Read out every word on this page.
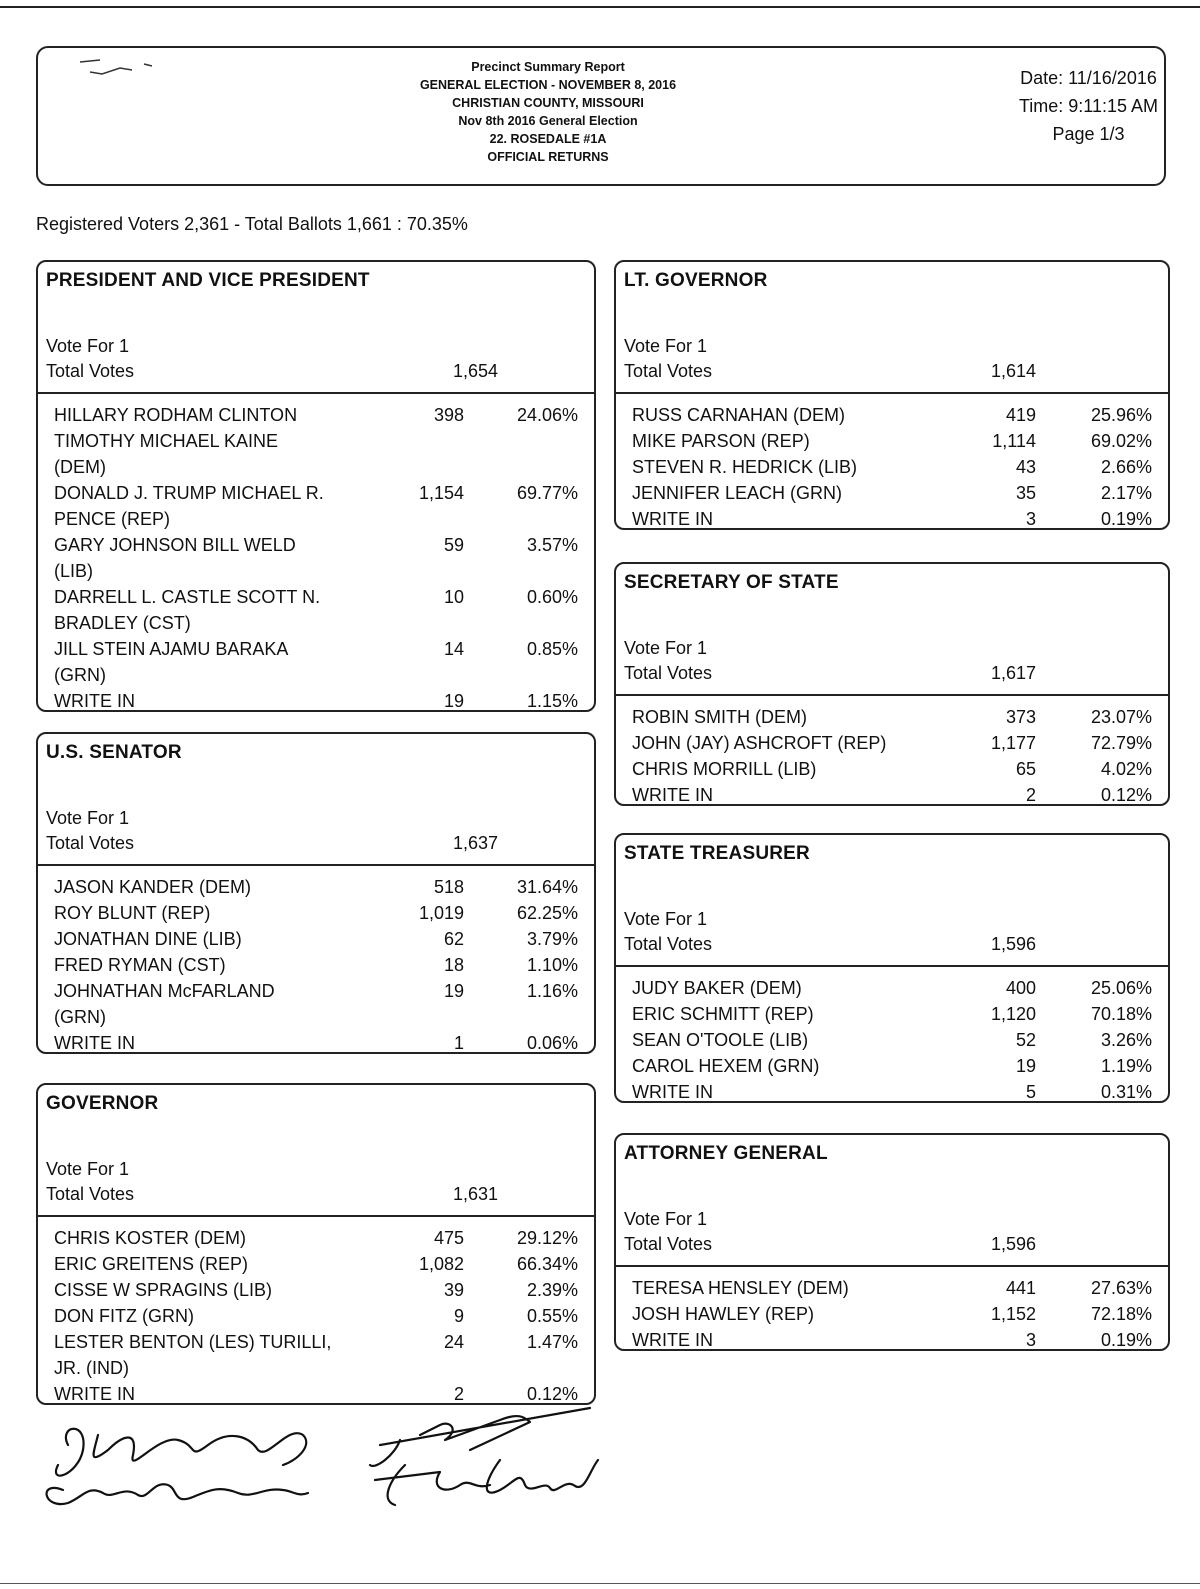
Precinct Summary Report
GENERAL ELECTION - NOVEMBER 8, 2016
CHRISTIAN COUNTY, MISSOURI
Nov 8th 2016 General Election
22. ROSEDALE #1A
OFFICIAL RETURNS
Date: 11/16/2016
Time: 9:11:15 AM
Page 1/3
Registered Voters 2,361 - Total Ballots 1,661 : 70.35%
PRESIDENT AND VICE PRESIDENT
Vote For 1
Total Votes	1,654
HILLARY RODHAM CLINTON
TIMOTHY MICHAEL KAINE
(DEM)
398	24.06%
DONALD J. TRUMP MICHAEL R.
PENCE (REP)
1,154	69.77%
GARY JOHNSON BILL WELD
(LIB)
59	3.57%
DARRELL L. CASTLE SCOTT N.
BRADLEY (CST)
10	0.60%
JILL STEIN AJAMU BARAKA
(GRN)
14	0.85%
WRITE IN	19	1.15%
U.S. SENATOR
Vote For 1
Total Votes	1,637
JASON KANDER (DEM)	518	31.64%
ROY BLUNT (REP)	1,019	62.25%
JONATHAN DINE (LIB)	62	3.79%
FRED RYMAN (CST)	18	1.10%
JOHNATHAN McFARLAND
(GRN)
19	1.16%
WRITE IN	1	0.06%
GOVERNOR
Vote For 1
Total Votes	1,631
CHRIS KOSTER (DEM)	475	29.12%
ERIC GREITENS (REP)	1,082	66.34%
CISSE W SPRAGINS (LIB)	39	2.39%
DON FITZ (GRN)	9	0.55%
LESTER BENTON (LES) TURILLI,
JR. (IND)
24	1.47%
WRITE IN	2	0.12%
LT. GOVERNOR
Vote For 1
Total Votes	1,614
RUSS CARNAHAN (DEM)	419	25.96%
MIKE PARSON (REP)	1,114	69.02%
STEVEN R. HEDRICK (LIB)	43	2.66%
JENNIFER LEACH (GRN)	35	2.17%
WRITE IN	3	0.19%
SECRETARY OF STATE
Vote For 1
Total Votes	1,617
ROBIN SMITH (DEM)	373	23.07%
JOHN (JAY) ASHCROFT (REP)	1,177	72.79%
CHRIS MORRILL (LIB)	65	4.02%
WRITE IN	2	0.12%
STATE TREASURER
Vote For 1
Total Votes	1,596
JUDY BAKER (DEM)	400	25.06%
ERIC SCHMITT (REP)	1,120	70.18%
SEAN O'TOOLE (LIB)	52	3.26%
CAROL HEXEM (GRN)	19	1.19%
WRITE IN	5	0.31%
ATTORNEY GENERAL
Vote For 1
Total Votes	1,596
TERESA HENSLEY (DEM)	441	27.63%
JOSH HAWLEY (REP)	1,152	72.18%
WRITE IN	3	0.19%
